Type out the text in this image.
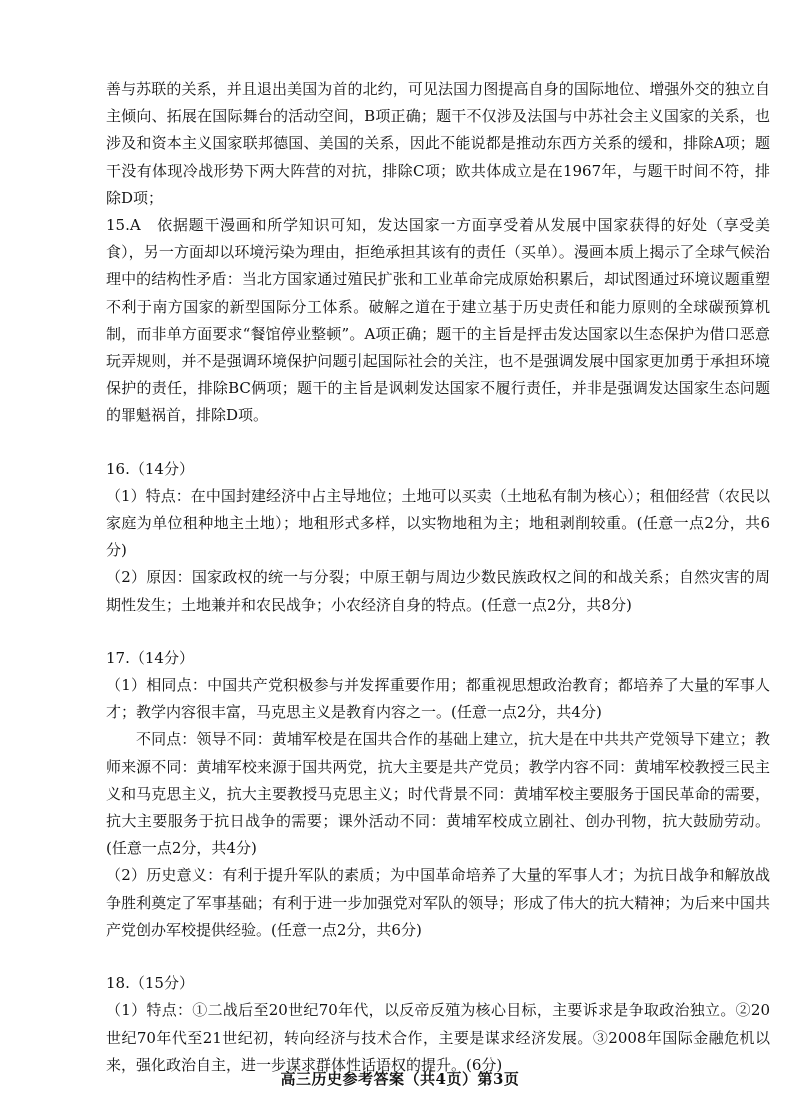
善与苏联的关系，并且退出美国为首的北约，可见法国力图提高自身的国际地位、增强外交的独立自主倾向、拓展在国际舞台的活动空间，B项正确；题干不仅涉及法国与中苏社会主义国家的关系，也涉及和资本主义国家联邦德国、美国的关系，因此不能说都是推动东西方关系的缓和，排除A项；题干没有体现冷战形势下两大阵营的对抗，排除C项；欧共体成立是在1967年，与题干时间不符，排除D项；

15.A　依据题干漫画和所学知识可知，发达国家一方面享受着从发展中国家获得的好处（享受美食），另一方面却以环境污染为理由，拒绝承担其该有的责任（买单）。漫画本质上揭示了全球气候治理中的结构性矛盾：当北方国家通过殖民扩张和工业革命完成原始积累后，却试图通过环境议题重塑不利于南方国家的新型国际分工体系。破解之道在于建立基于历史责任和能力原则的全球碳预算机制，而非单方面要求“餐馆停业整顿”。A项正确；题干的主旨是抨击发达国家以生态保护为借口恶意玩弄规则，并不是强调环境保护问题引起国际社会的关注，也不是强调发展中国家更加勇于承担环境保护的责任，排除BC俩项；题干的主旨是讽刺发达国家不履行责任，并非是强调发达国家生态问题的罪魁祸首，排除D项。

16.（14分）

（1）特点：在中国封建经济中占主导地位；土地可以买卖（土地私有制为核心）；租佃经营（农民以家庭为单位租种地主土地）；地租形式多样，以实物地租为主；地租剥削较重。(任意一点2分，共6分)

（2）原因：国家政权的统一与分裂；中原王朝与周边少数民族政权之间的和战关系；自然灾害的周期性发生；土地兼并和农民战争；小农经济自身的特点。(任意一点2分，共8分)

17.（14分）

（1）相同点：中国共产党积极参与并发挥重要作用；都重视思想政治教育；都培养了大量的军事人才；教学内容很丰富，马克思主义是教育内容之一。(任意一点2分，共4分)

不同点：领导不同：黄埔军校是在国共合作的基础上建立，抗大是在中共共产党领导下建立；教师来源不同：黄埔军校来源于国共两党，抗大主要是共产党员；教学内容不同：黄埔军校教授三民主义和马克思主义，抗大主要教授马克思主义；时代背景不同：黄埔军校主要服务于国民革命的需要，抗大主要服务于抗日战争的需要；课外活动不同：黄埔军校成立剧社、创办刊物，抗大鼓励劳动。(任意一点2分，共4分)

（2）历史意义：有利于提升军队的素质；为中国革命培养了大量的军事人才；为抗日战争和解放战争胜利奠定了军事基础；有利于进一步加强党对军队的领导；形成了伟大的抗大精神；为后来中国共产党创办军校提供经验。(任意一点2分，共6分)

18.（15分）

（1）特点：①二战后至20世纪70年代，以反帝反殖为核心目标，主要诉求是争取政治独立。②20世纪70年代至21世纪初，转向经济与技术合作，主要是谋求经济发展。③2008年国际金融危机以来，强化政治自主，进一步谋求群体性话语权的提升。(6分)

高三历史参考答案（共4页）第3页
